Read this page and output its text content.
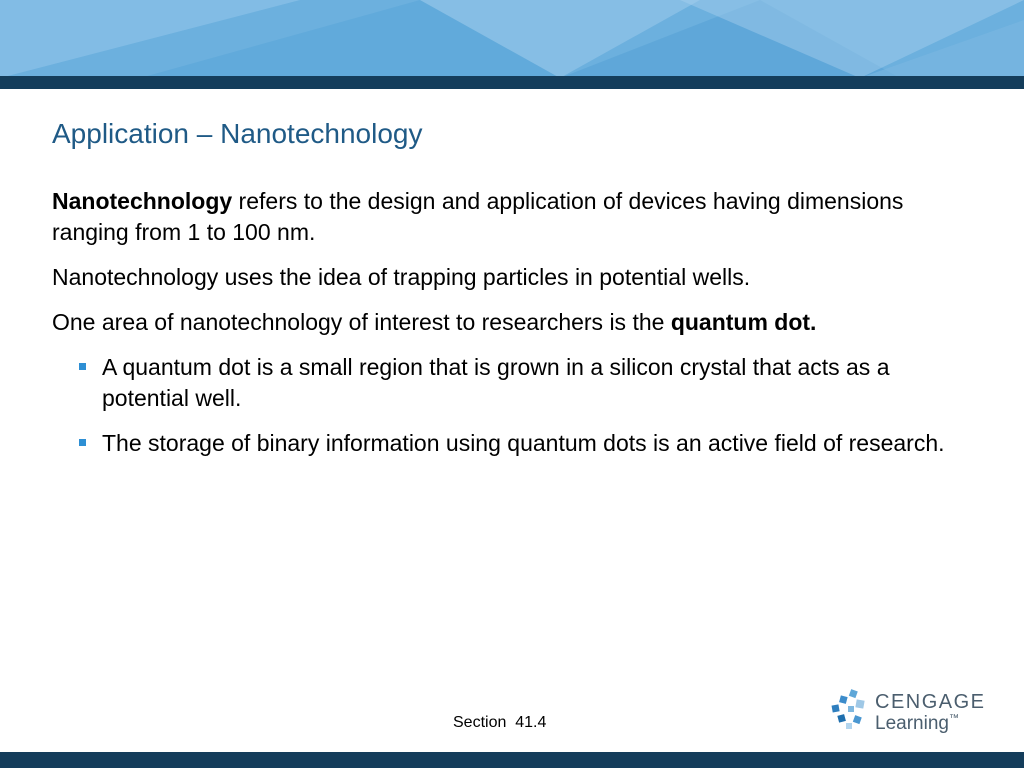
Application – Nanotechnology

Nanotechnology refers to the design and application of devices having dimensions ranging from 1 to 100 nm.

Nanotechnology uses the idea of trapping particles in potential wells.

One area of nanotechnology of interest to researchers is the quantum dot.

A quantum dot is a small region that is grown in a silicon crystal that acts as a potential well.
The storage of binary information using quantum dots is an active field of research.
Section  41.4
CENGAGE
Learning™
